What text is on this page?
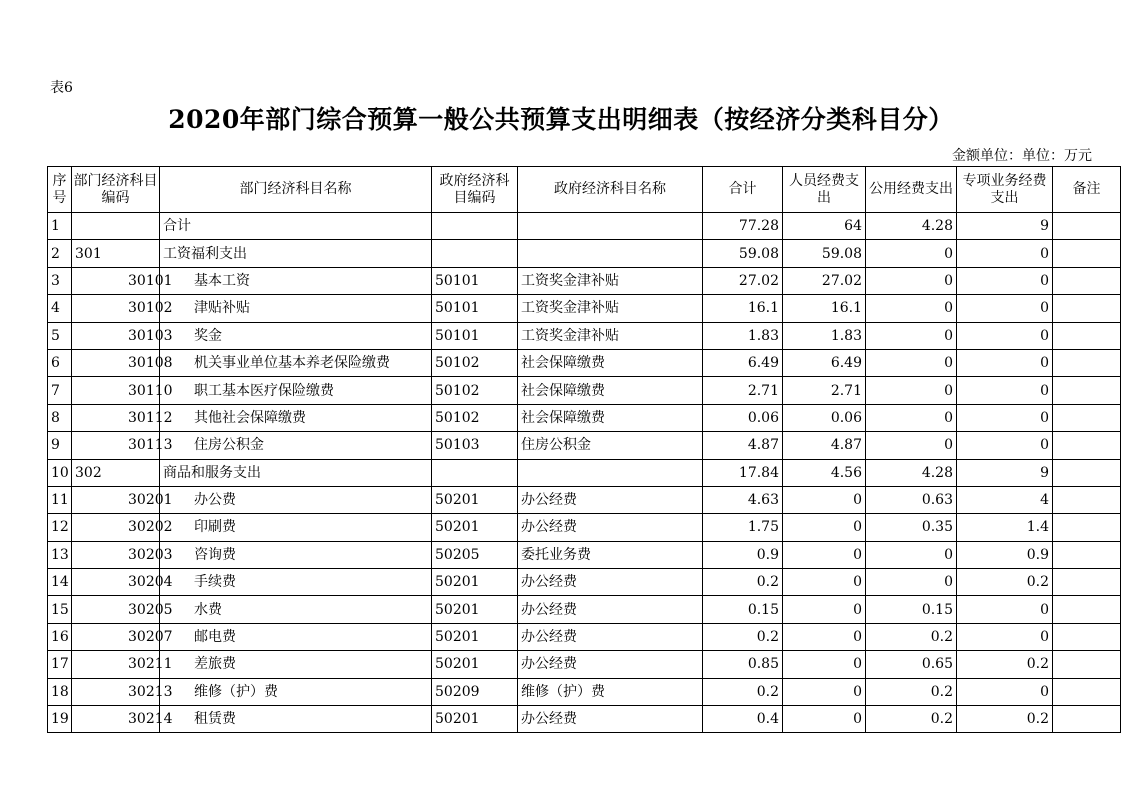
表6
2020年部门综合预算一般公共预算支出明细表（按经济分类科目分）
金额单位：单位：万元
序号	部门经济科目编码	部门经济科目名称	政府经济科目编码	政府经济科目名称	合计	人员经费支出	公用经费支出	专项业务经费支出	备注
1		合计			77.28	64	4.28	9	
2	301	工资福利支出			59.08	59.08	0	0	
3	30101	基本工资	50101	工资奖金津补贴	27.02	27.02	0	0	
4	30102	津贴补贴	50101	工资奖金津补贴	16.1	16.1	0	0	
5	30103	奖金	50101	工资奖金津补贴	1.83	1.83	0	0	
6	30108	机关事业单位基本养老保险缴费	50102	社会保障缴费	6.49	6.49	0	0	
7	30110	职工基本医疗保险缴费	50102	社会保障缴费	2.71	2.71	0	0	
8	30112	其他社会保障缴费	50102	社会保障缴费	0.06	0.06	0	0	
9	30113	住房公积金	50103	住房公积金	4.87	4.87	0	0	
10	302	商品和服务支出			17.84	4.56	4.28	9	
11	30201	办公费	50201	办公经费	4.63	0	0.63	4	
12	30202	印刷费	50201	办公经费	1.75	0	0.35	1.4	
13	30203	咨询费	50205	委托业务费	0.9	0	0	0.9	
14	30204	手续费	50201	办公经费	0.2	0	0	0.2	
15	30205	水费	50201	办公经费	0.15	0	0.15	0	
16	30207	邮电费	50201	办公经费	0.2	0	0.2	0	
17	30211	差旅费	50201	办公经费	0.85	0	0.65	0.2	
18	30213	维修（护）费	50209	维修（护）费	0.2	0	0.2	0	
19	30214	租赁费	50201	办公经费	0.4	0	0.2	0.2	
